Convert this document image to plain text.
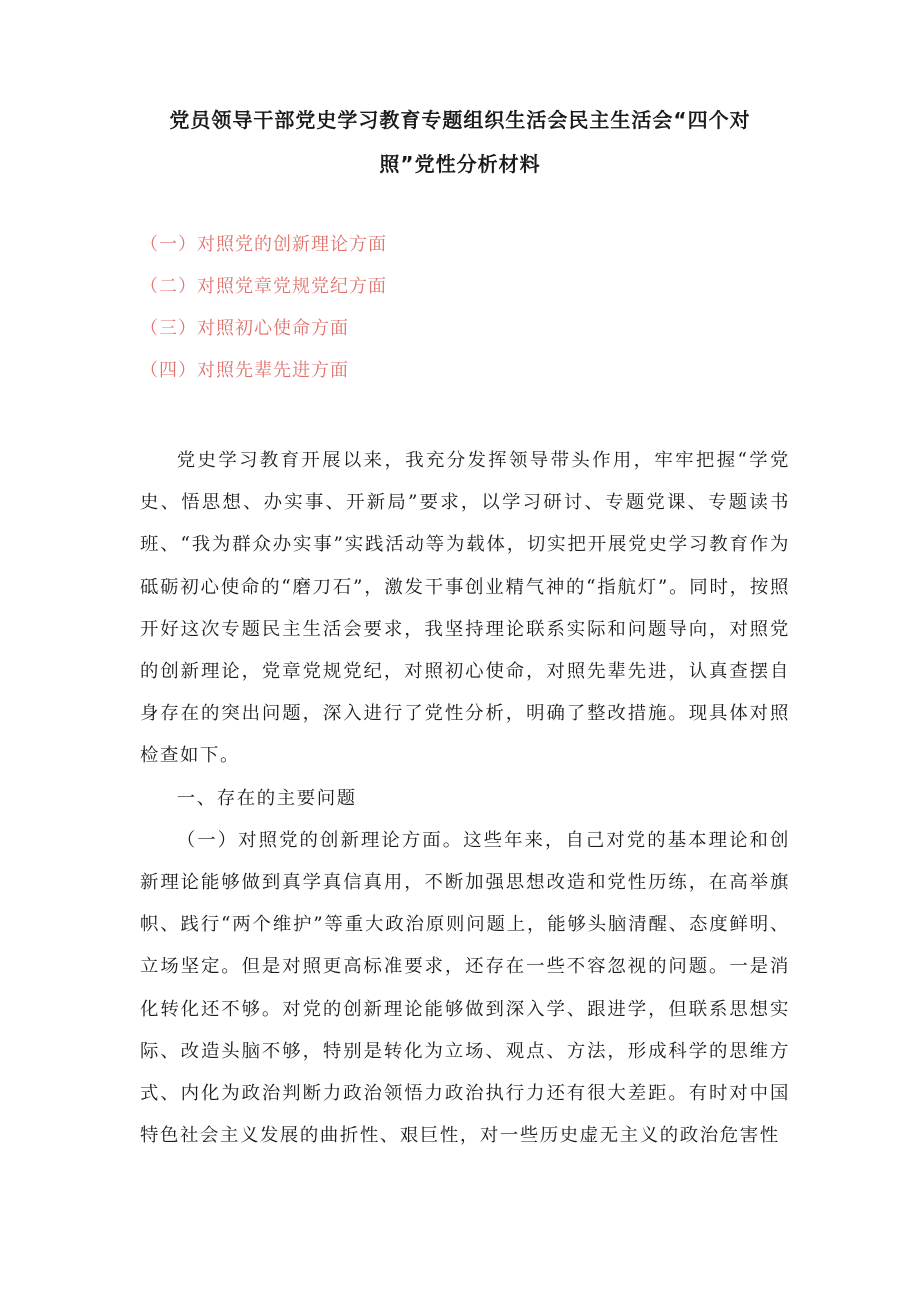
党员领导干部党史学习教育专题组织生活会民主生活会“四个对
照”党性分析材料
（一）对照党的创新理论方面
（二）对照党章党规党纪方面
（三）对照初心使命方面
（四）对照先辈先进方面

党史学习教育开展以来，我充分发挥领导带头作用，牢牢把握“学党史、悟思想、办实事、开新局”要求，以学习研讨、专题党课、专题读书班、“我为群众办实事”实践活动等为载体，切实把开展党史学习教育作为砥砺初心使命的“磨刀石”，激发干事创业精气神的“指航灯”。同时，按照开好这次专题民主生活会要求，我坚持理论联系实际和问题导向，对照党的创新理论，党章党规党纪，对照初心使命，对照先辈先进，认真查摆自身存在的突出问题，深入进行了党性分析，明确了整改措施。现具体对照检查如下。

一、存在的主要问题

（一）对照党的创新理论方面。这些年来，自己对党的基本理论和创新理论能够做到真学真信真用，不断加强思想改造和党性历练，在高举旗帜、践行“两个维护”等重大政治原则问题上，能够头脑清醒、态度鲜明、立场坚定。但是对照更高标准要求，还存在一些不容忽视的问题。一是消化转化还不够。对党的创新理论能够做到深入学、跟进学，但联系思想实际、改造头脑不够，特别是转化为立场、观点、方法，形成科学的思维方式、内化为政治判断力政治领悟力政治执行力还有很大差距。有时对中国特色社会主义发展的曲折性、艰巨性，对一些历史虚无主义的政治危害性
